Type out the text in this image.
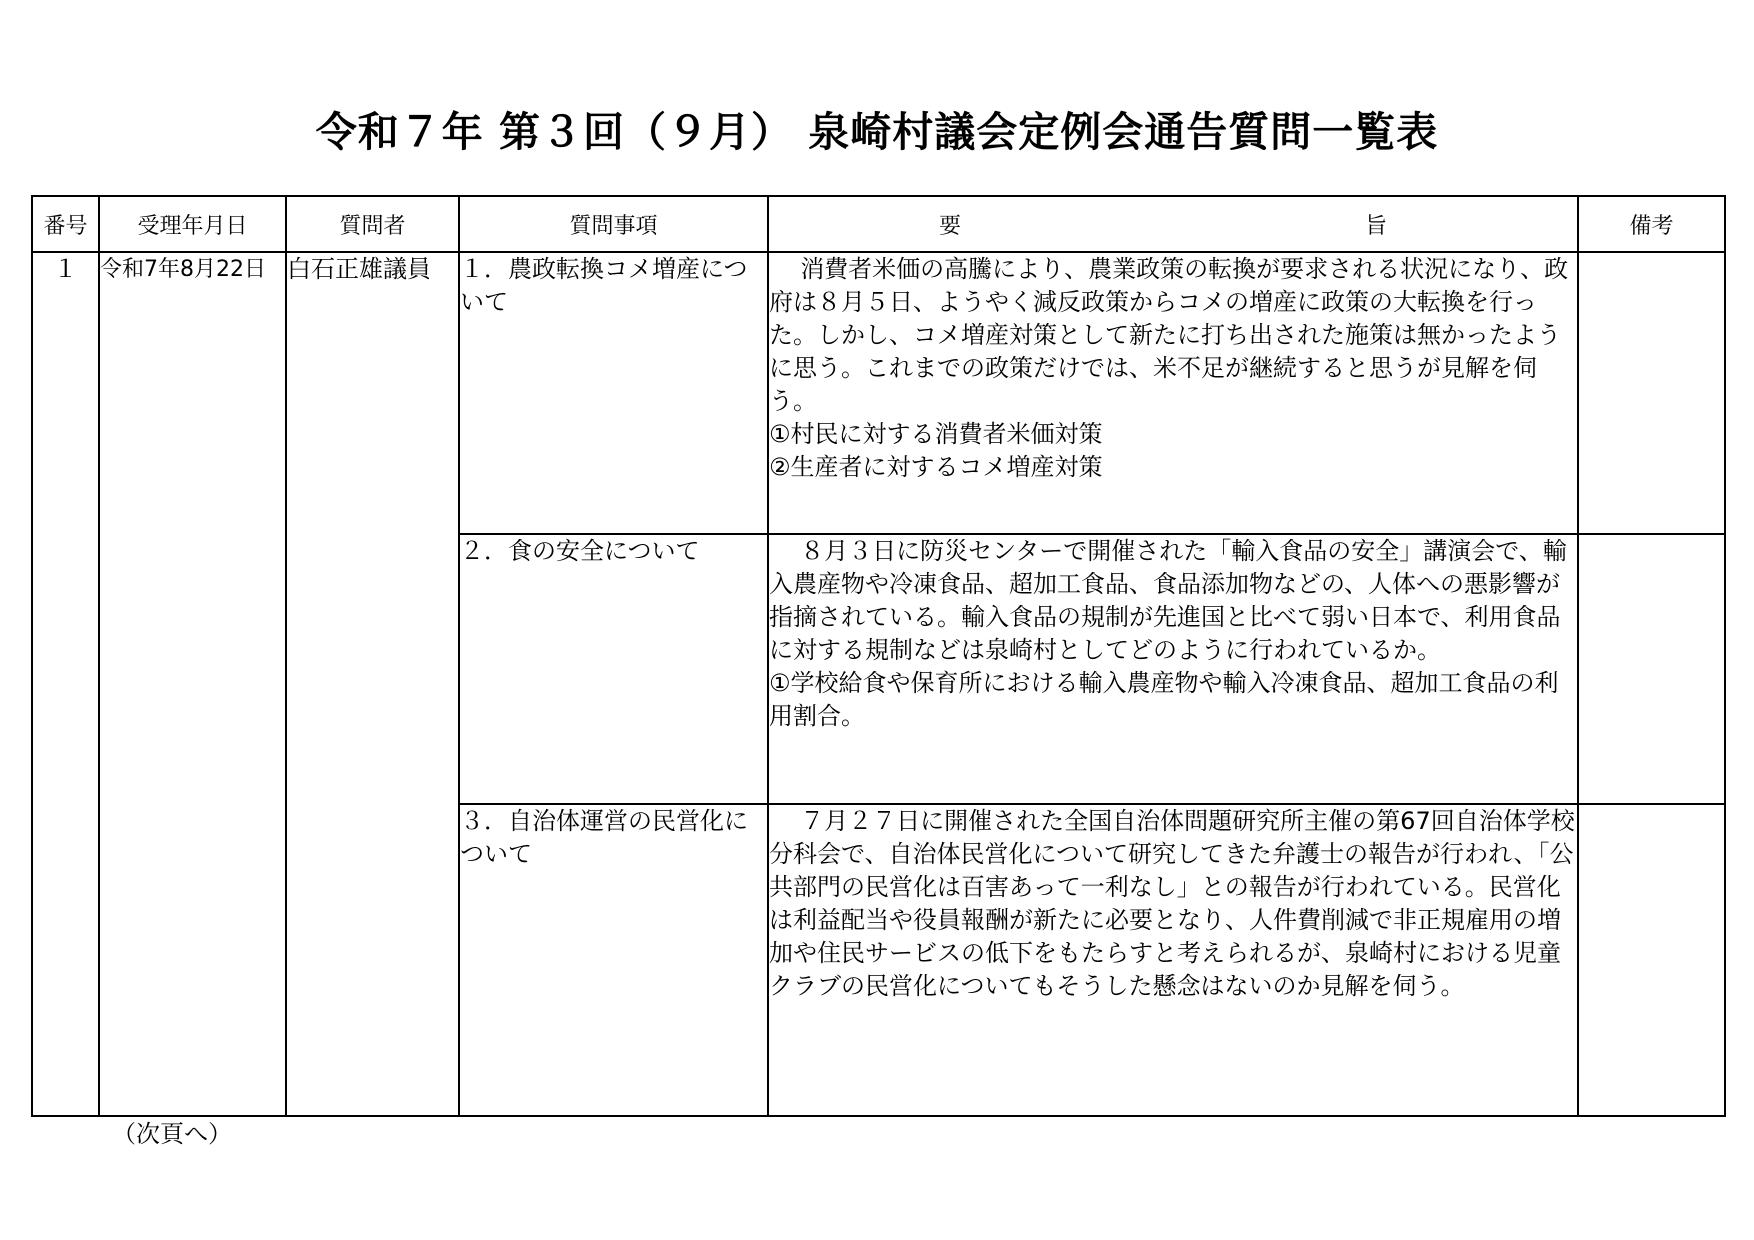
令和７年 第３回（９月） 泉崎村議会定例会通告質問一覧表
番号	受理年月日	質問者	質問事項	要 旨	備考
１	令和7年8月22日	白石正雄議員	１．農政転換コメ増産について	消費者米価の高騰により、農業政策の転換が要求される状況になり、政府は８月５日、ようやく減反政策からコメの増産に政策の大転換を行った。しかし、コメ増産対策として新たに打ち出された施策は無かったように思う。これまでの政策だけでは、米不足が継続すると思うが見解を伺う。

①村民に対する消費者米価対策

②生産者に対するコメ増産対策	

			２．食の安全について	８月３日に防災センターで開催された「輸入食品の安全」講演会で、輸入農産物や冷凍食品、超加工食品、食品添加物などの、人体への悪影響が指摘されている。輸入食品の規制が先進国と比べて弱い日本で、利用食品に対する規制などは泉崎村としてどのように行われているか。

①学校給食や保育所における輸入農産物や輸入冷凍食品、超加工食品の利用割合。	

			３．自治体運営の民営化について	７月２７日に開催された全国自治体問題研究所主催の第67回自治体学校分科会で、自治体民営化について研究してきた弁護士の報告が行われ、「公共部門の民営化は百害あって一利なし」との報告が行われている。民営化は利益配当や役員報酬が新たに必要となり、人件費削減で非正規雇用の増加や住民サービスの低下をもたらすと考えられるが、泉崎村における児童クラブの民営化についてもそうした懸念はないのか見解を伺う。	

（次頁へ）
